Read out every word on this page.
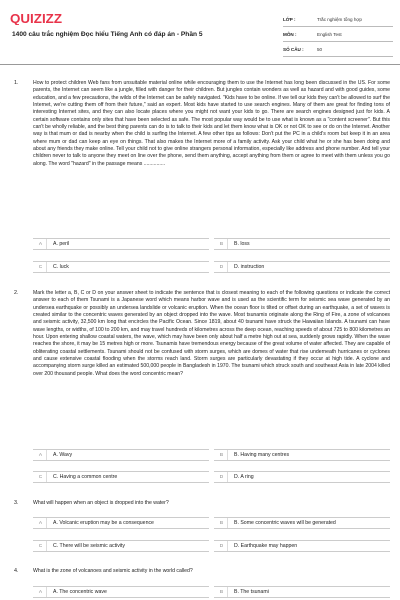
QUIZIZZ
1400 câu trắc nghiệm Đọc hiểu Tiếng Anh có đáp án - Phần 5
LỚP :	Trắc nghiệm tổng hợp
MÔN :	English Test
SỐ CÂU :	50
1.	How to protect children Web fans from unsuitable material online while encouraging them to use the Internet has long been discussed in the US. For some parents, the Internet can seem like a jungle, filled with danger for their children. But jungles contain wonders as well as hazard and with good guides, some education, and a few precautions, the wilds of the Internet can be safely navigated. "Kids have to be online. If we tell our kids they can't be allowed to surf the Internet, we're cutting them off from their future," said an expert. Most kids have started to use search engines. Many of them are great for finding tons of interesting Internet sites, and they can also locate places where you might not want your kids to go. There are search engines designed just for kids. A certain software contains only sites that have been selected as safe. The most popular way would be to use what is known as a "content screener". But this can't be wholly reliable, and the best thing parents can do is to talk to their kids and let them know what is OK or not OK to see or do on the Internet. Another way is that mum or dad is nearby when the child is surfing the Internet. A few other tips as follows: Don't put the PC in a child's room but keep it in an area where mum or dad can keep an eye on things. That also makes the Internet more of a family activity. Ask your child what he or she has been doing and about any friends they make online. Tell your child not to give online strangers personal information, especially like address and phone number. And tell your children never to talk to anyone they meet on line over the phone, send them anything, accept anything from them or agree to meet with them unless you go along. The word "hazard" in the passage means ...............
A	A. peril	B	B. loss
C	C. luck	D	D. instruction
2.	Mark the letter a, B, C or D on your answer sheet to indicate the sentence that is closest meaning to each of the following questions or indicate the correct answer to each of them Tsunami is a Japanese word which means harbor wave and is used as the scientific term for seismic sea wave generated by an undersea earthquake or possibly an undersea landslide or volcanic eruption. When the ocean floor is tilted or offset during an earthquake, a set of waves is created similar to the concentric waves generated by an object dropped into the wave. Most tsunamis originate along the Ring of Fire, a zone of volcanoes and seismic activity, 32,500 km long that encircles the Pacific Ocean. Since 1819, about 40 tsunami have struck the Hawaiian Islands. A tsunami can have wave lengths, or widths, of 100 to 200 km, and may travel hundreds of kilometres across the deep ocean, reaching speeds of about 725 to 800 kilometres an hour. Upon entering shallow coastal waters, the wave, which may have been only about half a metre high out at sea, suddenly grows rapidly. When the wave reaches the shore, it may be 15 metres high or more. Tsunamis have tremendous energy because of the great volume of water affected. They are capable of obliterating coastal settlements. Tsunami should not be confused with storm surges, which are domes of water that rise underneath hurricanes or cyclones and cause extensive coastal flooding when the storms reach land. Storm surges are particularly devastating if they occur at high tide. A cyclone and accompanying storm surge killed an estimated 500,000 people in Bangladesh in 1970. The tsunami which struck south and southeast Asia in late 2004 killed over 200 thousand people. What does the word concentric mean?
A	A. Wavy	B	B. Having many centres
C	C. Having a common centre	D	D. A ring
3.	What will happen when an object is dropped into the water?
A	A. Volcanic eruption may be a consequence	B	B. Some concentric waves will be generated
C	C. There will be seismic activity	D	D. Earthquake may happen
4.	What is the zone of volcanoes and seismic activity in the world called?
A	A. The concentric wave	B	B. The tsunami
